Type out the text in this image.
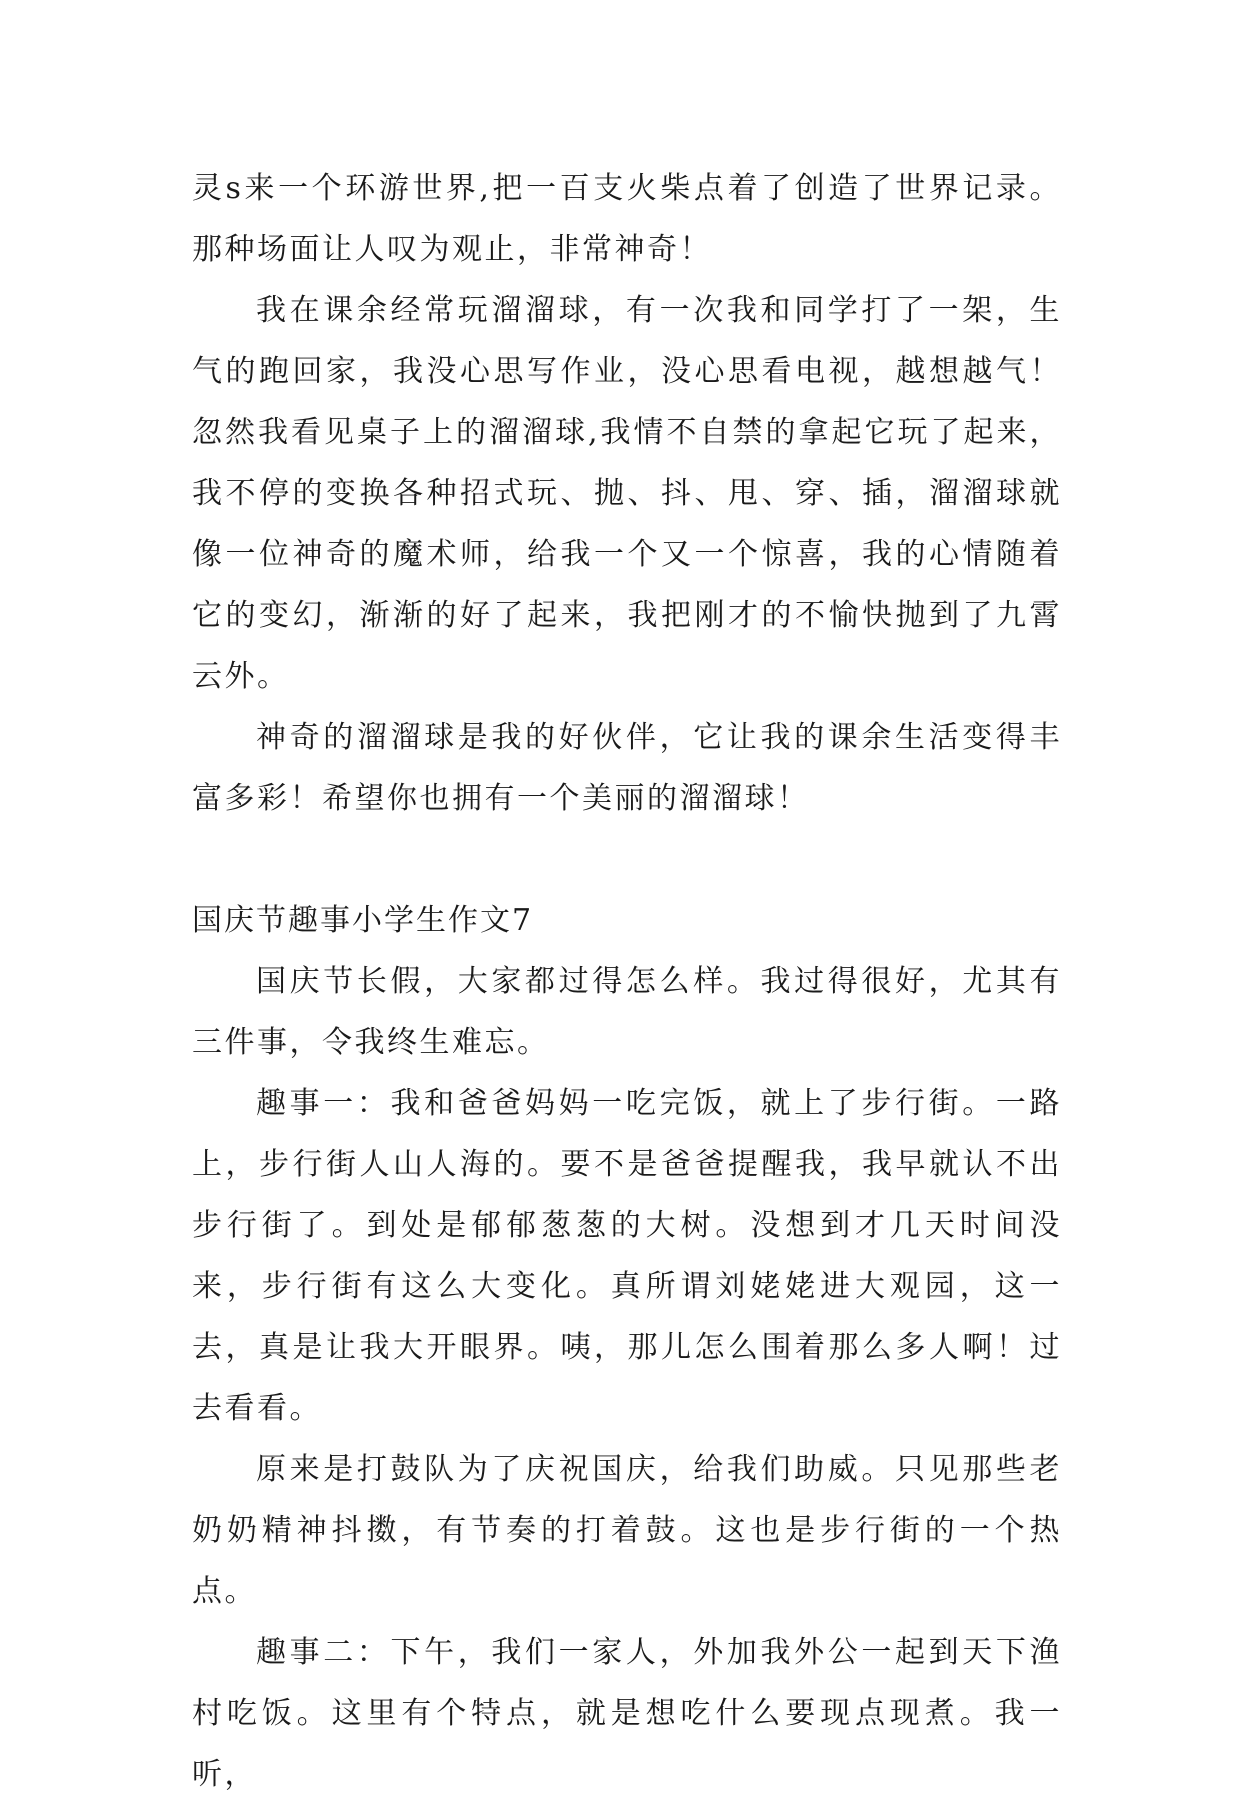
灵s来一个环游世界,把一百支火柴点着了创造了世界记录。那种场面让人叹为观止，非常神奇！

我在课余经常玩溜溜球，有一次我和同学打了一架，生气的跑回家，我没心思写作业，没心思看电视，越想越气！忽然我看见桌子上的溜溜球,我情不自禁的拿起它玩了起来，我不停的变换各种招式玩、抛、抖、甩、穿、插，溜溜球就像一位神奇的魔术师，给我一个又一个惊喜，我的心情随着它的变幻，渐渐的好了起来，我把刚才的不愉快抛到了九霄云外。

神奇的溜溜球是我的好伙伴，它让我的课余生活变得丰富多彩！希望你也拥有一个美丽的溜溜球！

国庆节趣事小学生作文7

国庆节长假，大家都过得怎么样。我过得很好，尤其有三件事，令我终生难忘。

趣事一：我和爸爸妈妈一吃完饭，就上了步行街。一路上，步行街人山人海的。要不是爸爸提醒我，我早就认不出步行街了。到处是郁郁葱葱的大树。没想到才几天时间没来，步行街有这么大变化。真所谓刘姥姥进大观园，这一去，真是让我大开眼界。咦，那儿怎么围着那么多人啊！过去看看。

原来是打鼓队为了庆祝国庆，给我们助威。只见那些老奶奶精神抖擞，有节奏的打着鼓。这也是步行街的一个热点。

趣事二：下午，我们一家人，外加我外公一起到天下渔村吃饭。这里有个特点，就是想吃什么要现点现煮。我一听，
